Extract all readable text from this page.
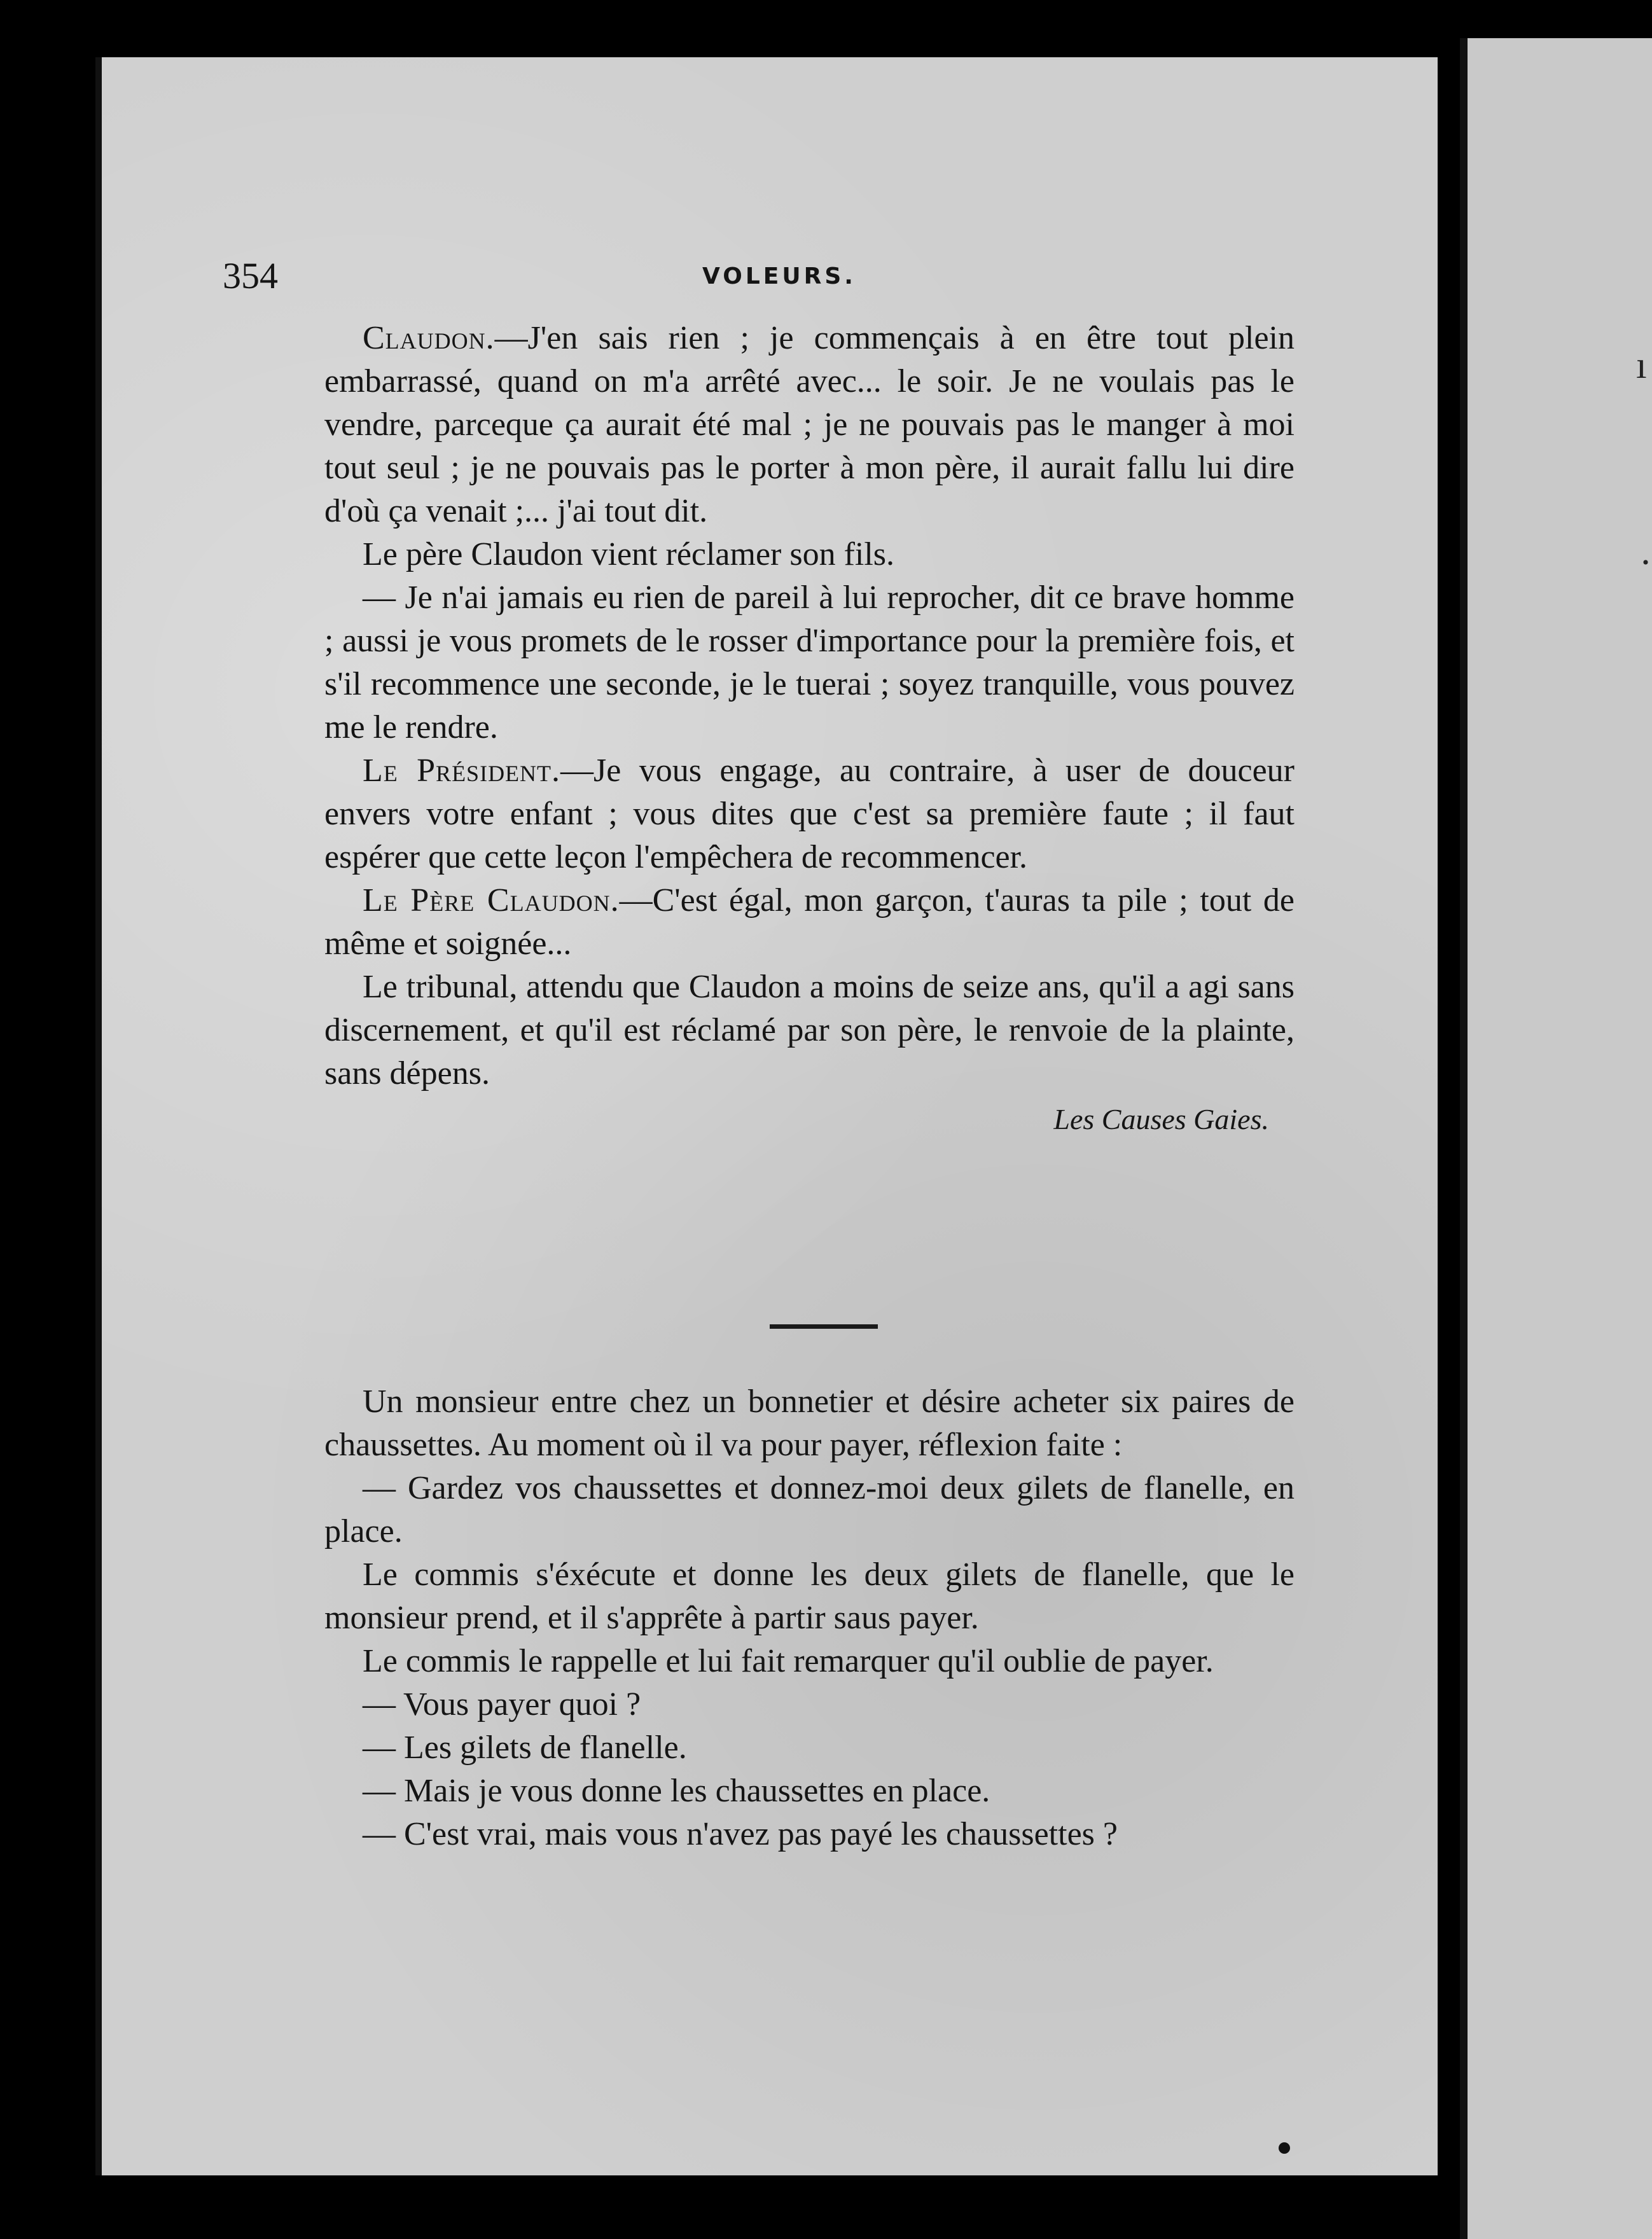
ı
·
354	VOLEURS.

Claudon.—J'en sais rien ; je commençais à en être tout plein embarrassé, quand on m'a arrêté avec... le soir. Je ne voulais pas le vendre, parceque ça aurait été mal ; je ne pouvais pas le manger à moi tout seul ; je ne pouvais pas le porter à mon père, il aurait fallu lui dire d'où ça venait ;... j'ai tout dit.

Le père Claudon vient réclamer son fils.

— Je n'ai jamais eu rien de pareil à lui reprocher, dit ce brave homme ; aussi je vous promets de le rosser d'importance pour la première fois, et s'il recommence une seconde, je le tuerai ; soyez tranquille, vous pouvez me le rendre.

Le Président.—Je vous engage, au contraire, à user de douceur envers votre enfant ; vous dites que c'est sa première faute ; il faut espérer que cette leçon l'empêchera de recommencer.

Le Père Claudon.—C'est égal, mon garçon, t'auras ta pile ; tout de même et soignée...

Le tribunal, attendu que Claudon a moins de seize ans, qu'il a agi sans discernement, et qu'il est réclamé par son père, le renvoie de la plainte, sans dépens.

Les Causes Gaies.

Un monsieur entre chez un bonnetier et désire acheter six paires de chaussettes. Au moment où il va pour payer, réflexion faite :

— Gardez vos chaussettes et donnez-moi deux gilets de flanelle, en place.

Le commis s'éxécute et donne les deux gilets de flanelle, que le monsieur prend, et il s'apprête à partir saus payer.

Le commis le rappelle et lui fait remarquer qu'il oublie de payer.

— Vous payer quoi ?

— Les gilets de flanelle.

— Mais je vous donne les chaussettes en place.

— C'est vrai, mais vous n'avez pas payé les chaussettes ?
